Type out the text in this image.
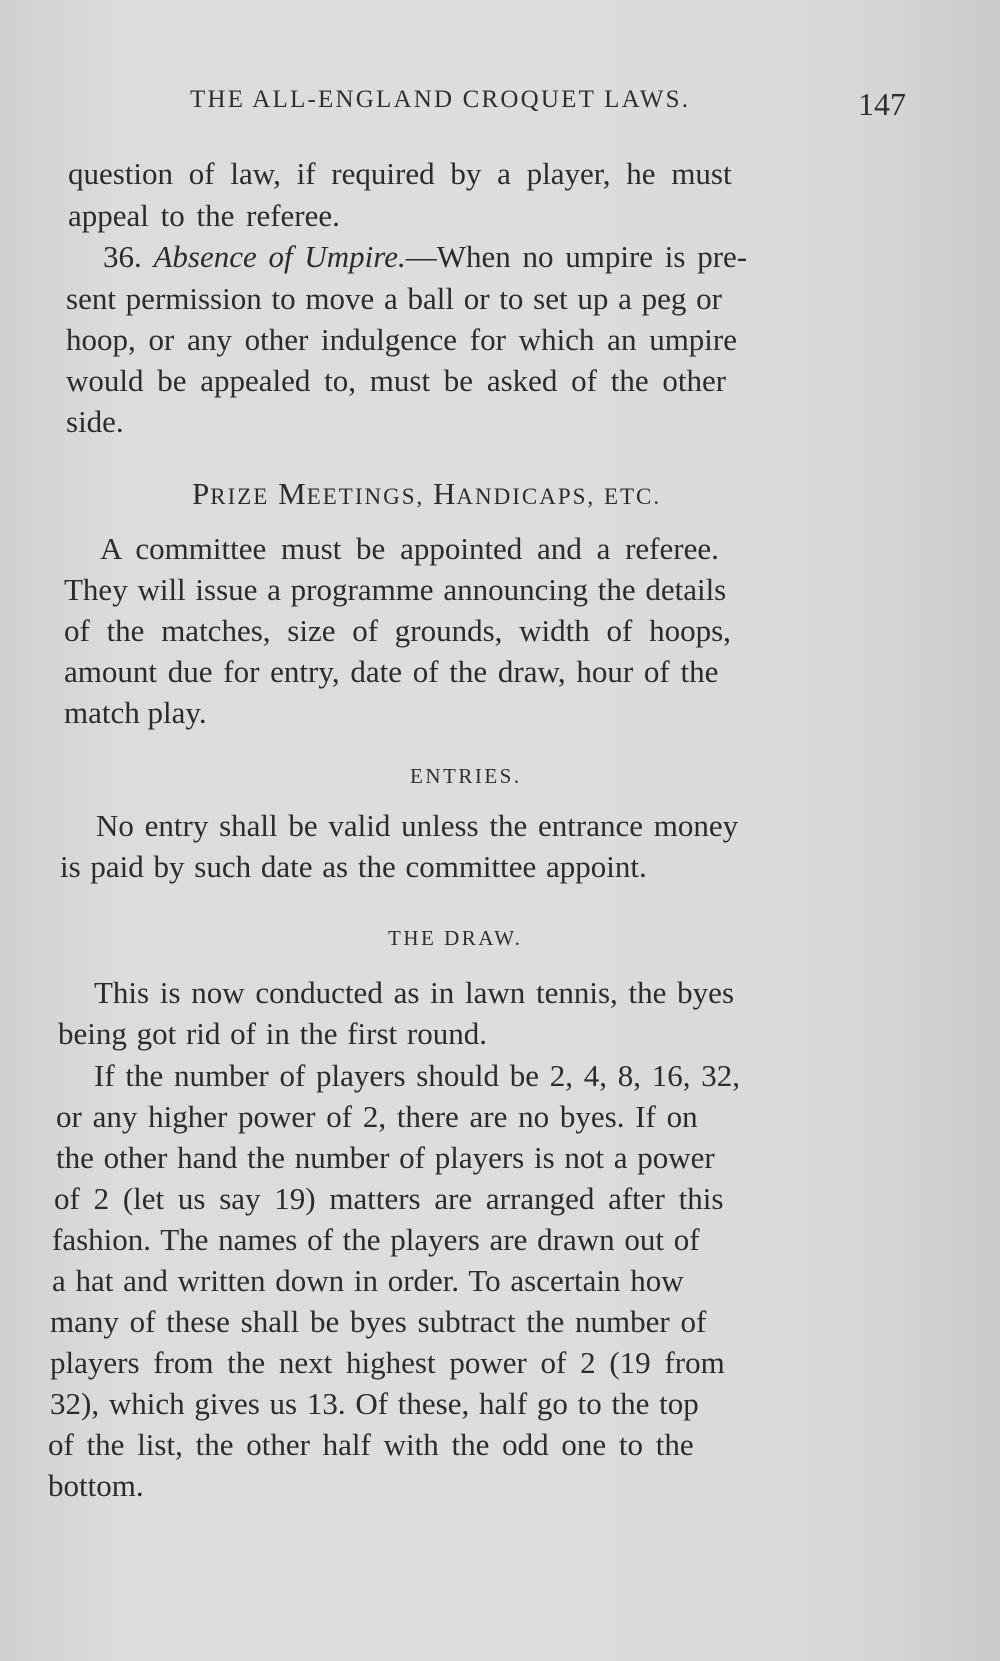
THE ALL-ENGLAND CROQUET LAWS.	147
question of law, if required by a player, he must
appeal to the referee.
36. Absence of Umpire.—When no umpire is pre-
sent permission to move a ball or to set up a peg or
hoop, or any other indulgence for which an umpire
would be appealed to, must be asked of the other
side.
PRIZE MEETINGS, HANDICAPS, ETC.
A committee must be appointed and a referee.
They will issue a programme announcing the details
of the matches, size of grounds, width of hoops,
amount due for entry, date of the draw, hour of the
match play.
ENTRIES.
No entry shall be valid unless the entrance money
is paid by such date as the committee appoint.
THE DRAW.
This is now conducted as in lawn tennis, the byes
being got rid of in the first round.
If the number of players should be 2, 4, 8, 16, 32,
or any higher power of 2, there are no byes. If on
the other hand the number of players is not a power
of 2 (let us say 19) matters are arranged after this
fashion. The names of the players are drawn out of
a hat and written down in order. To ascertain how
many of these shall be byes subtract the number of
players from the next highest power of 2 (19 from
32), which gives us 13. Of these, half go to the top
of the list, the other half with the odd one to the
bottom.
